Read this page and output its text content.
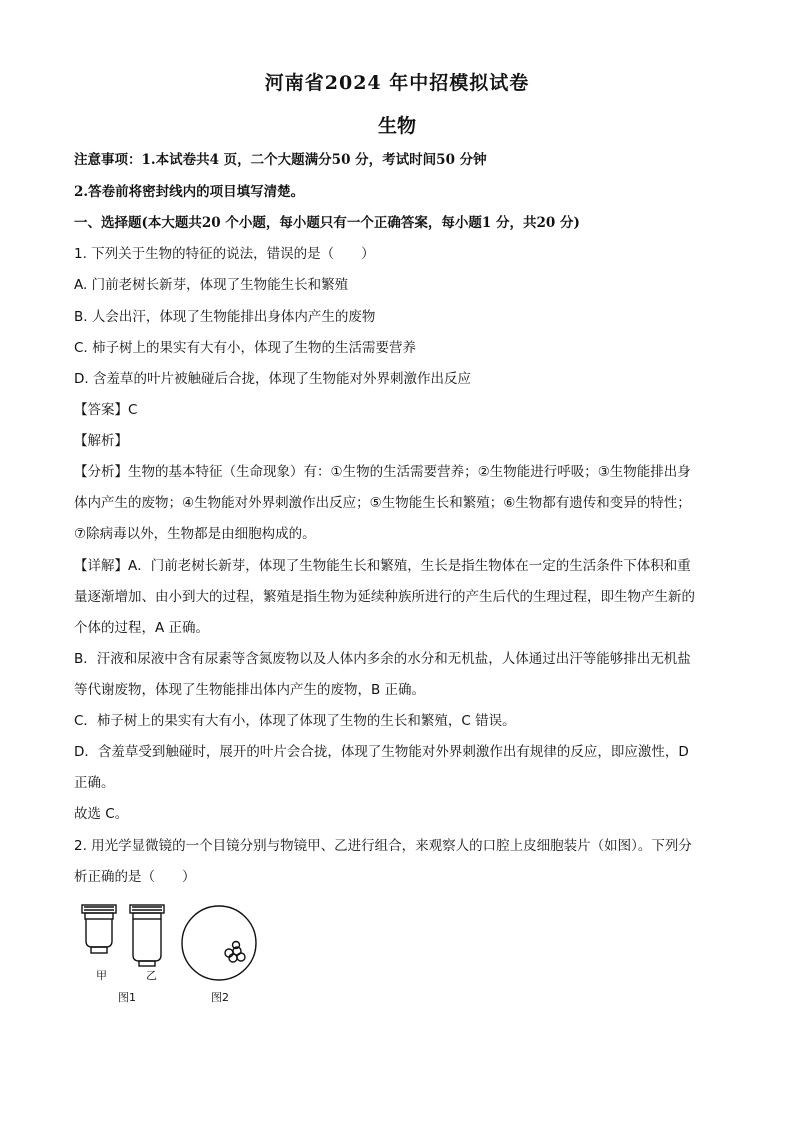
河南省2024 年中招模拟试卷
生物
注意事项：1.本试卷共4 页，二个大题满分50 分，考试时间50 分钟
2.答卷前将密封线内的项目填写清楚。
一、选择题(本大题共20 个小题，每小题只有一个正确答案，每小题1 分，共20 分)
1. 下列关于生物的特征的说法，错误的是（　　）
A. 门前老树长新芽，体现了生物能生长和繁殖
B. 人会出汗，体现了生物能排出身体内产生的废物
C. 柿子树上的果实有大有小，体现了生物的生活需要营养
D. 含羞草的叶片被触碰后合拢，体现了生物能对外界刺激作出反应
【答案】C
【解析】
【分析】生物的基本特征（生命现象）有：①生物的生活需要营养；②生物能进行呼吸；③生物能排出身
体内产生的废物；④生物能对外界刺激作出反应；⑤生物能生长和繁殖；⑥生物都有遗传和变异的特性；
⑦除病毒以外，生物都是由细胞构成的。
【详解】A．门前老树长新芽，体现了生物能生长和繁殖，生长是指生物体在一定的生活条件下体积和重
量逐渐增加、由小到大的过程，繁殖是指生物为延续种族所进行的产生后代的生理过程，即生物产生新的
个体的过程，A 正确。
B．汗液和尿液中含有尿素等含氮废物以及人体内多余的水分和无机盐，人体通过出汗等能够排出无机盐
等代谢废物，体现了生物能排出体内产生的废物，B 正确。
C．柿子树上的果实有大有小，体现了体现了生物的生长和繁殖，C 错误。
D．含羞草受到触碰时，展开的叶片会合拢，体现了生物能对外界刺激作出有规律的反应，即应激性，D
正确。
故选 C。
2. 用光学显微镜的一个目镜分别与物镜甲、乙进行组合，来观察人的口腔上皮细胞装片（如图）。下列分
析正确的是（　　）
甲	乙
图1	图2
